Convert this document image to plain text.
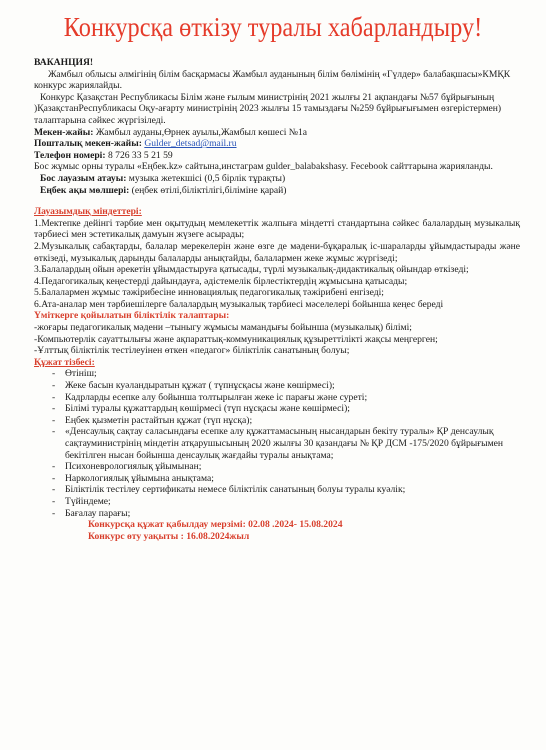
Конкурсқа өткізу туралы хабарландыру!

ВАКАНЦИЯ!

Жамбыл облысы әлмігінің білім басқармасы Жамбыл ауданының білім бөлімінің «Гүлдер» балабақшасы»КМҚК конкурс жариялайды.

Конкурс Қазақстан Республикасы Білім және ғылым министрінің 2021 жылғы 21 ақпандағы №57 бұйрығының )ҚазақстанРеспубликасы Оқу-ағарту министрінің 2023 жылғы 15 тамыздағы №259 бұйрығығымен өзгерістермен) талаптарына сәйкес жүргізіледі.

Мекен-жайы: Жамбыл ауданы,Өрнек ауылы,Жамбыл көшесі №1а

Пошталық мекен-жайы: Gulder_detsad@mail.ru

Телефон номері: 8 726 33 5 21 59

Бос жұмыс орны туралы «Еңбек.kz» сайтына,инстаграм gulder_balabakshasy. Fecebook сайттарына жарияланды.

Бос лауазым атауы: музыка жетекшісі (0,5 бірлік тұрақты)

Еңбек ақы мөлшері: (еңбек өтілі,біліктілігі,біліміне қарай)

Лауазымдық міндеттері:

1.Мектепке дейінгі тәрбие мен оқытудың мемлекеттік жалпыға міндетті стандартына сәйкес балалардың музыкалық тәрбиесі мен эстетикалық дамуын жүзеге асырады;

2.Музыкалық сабақтарды, балалар мерекелерін және өзге де мәдени-бұқаралық іс-шараларды ұйымдастырады және өткізеді, музыкалық дарынды балаларды анықтайды, балалармен жеке жұмыс жүргізеді;

3.Балалардың ойын әрекетін ұйымдастыруға қатысады, түрлі музыкалық-дидактикалық ойындар өткізеді;

4.Педагогикалық кеңестерді дайындауға, әдістемелік бірлестіктердің жұмысына қатысады;

5.Балалармен жұмыс тәжірибесіне инновациялық педагогикалық тәжірибені енгізеді;

6.Ата-аналар мен тәрбиешілерге балалардың музыкалық тәрбиесі мәселелері бойынша кеңес береді

Үміткерге қойылатын біліктілік талаптары:

-жоғары педагогикалық мәдени –тыныгу жұмысы мамандығы бойынша (музыкалық) білімі;

-Компьютерлік сауаттылығы және ақпараттық-коммуникациялық құзыреттілікті жақсы меңгерген;

-Ұлттық біліктілік тестілеуінен өткен «педагог» біліктілік санатының болуы;

Құжат тізбесі:

- Өтініш;
- Жеке басын куәландыратын құжат ( түпнұсқасы және көшірмесі);
- Кадрларды есепке алу бойынша толтырылған жеке іс парағы және суреті;
- Білімі туралы құжаттардың көшірмесі (түп нұсқасы және көшірмесі);
- Еңбек қызметін растайтын құжат (түп нұсқа);
- «Денсаулық сақтау саласындағы есепке алу құжаттамасының нысандарын бекіту туралы» ҚР денсаулық сақтауминистрінің міндетін атқарушысының 2020 жылғы 30 қазандағы № ҚР ДСМ -175/2020 бұйрығымен бекітілген нысан бойынша денсаулық жағдайы туралы анықтама;
- Психоневрологиялық ұйымынан;
- Наркологиялық ұйымына анықтама;
- Біліктілік тестілеу сертификаты немесе біліктілік санатының болуы туралы куәлік;
- Түйіндеме;
- Бағалау парағы;

Конкурсқа құжат қабылдау мерзімі: 02.08 .2024- 15.08.2024

Конкурс өту уақыты : 16.08.2024жыл
